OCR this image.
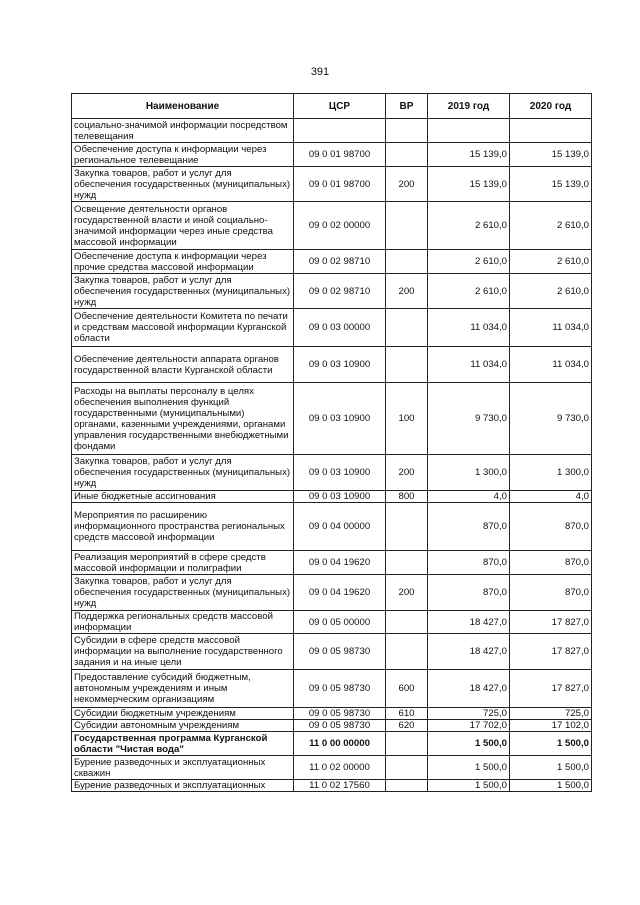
391
Наименование	ЦСР	ВР	2019 год	2020 год
социально-значимой информации посредством телевещания				
Обеспечение доступа к информации через региональное телевещание	09 0 01 98700		15 139,0	15 139,0
Закупка товаров, работ и услуг для обеспечения государственных (муниципальных) нужд	09 0 01 98700	200	15 139,0	15 139,0
Освещение деятельности органов государственной власти и иной социально-значимой информации через иные средства массовой информации	09 0 02 00000		2 610,0	2 610,0
Обеспечение доступа к информации через прочие средства массовой информации	09 0 02 98710		2 610,0	2 610,0
Закупка товаров, работ и услуг для обеспечения государственных (муниципальных) нужд	09 0 02 98710	200	2 610,0	2 610,0
Обеспечение деятельности Комитета по печати и средствам массовой информации Курганской области	09 0 03 00000		11 034,0	11 034,0
Обеспечение деятельности аппарата органов государственной власти Курганской области	09 0 03 10900		11 034,0	11 034,0
Расходы на выплаты персоналу в целях обеспечения выполнения функций государственными (муниципальными) органами, казенными учреждениями, органами управления государственными внебюджетными фондами	09 0 03 10900	100	9 730,0	9 730,0
Закупка товаров, работ и услуг для обеспечения государственных (муниципальных) нужд	09 0 03 10900	200	1 300,0	1 300,0
Иные бюджетные ассигнования	09 0 03 10900	800	4,0	4,0
Мероприятия по расширению информационного пространства региональных средств массовой информации	09 0 04 00000		870,0	870,0
Реализация мероприятий в сфере средств массовой информации и полиграфии	09 0 04 19620		870,0	870,0
Закупка товаров, работ и услуг для обеспечения государственных (муниципальных) нужд	09 0 04 19620	200	870,0	870,0
Поддержка региональных средств массовой информации	09 0 05 00000		18 427,0	17 827,0
Субсидии в сфере средств массовой информации на выполнение государственного задания и на иные цели	09 0 05 98730		18 427,0	17 827,0
Предоставление субсидий бюджетным, автономным учреждениям и иным некоммерческим организациям	09 0 05 98730	600	18 427,0	17 827,0
Субсидии бюджетным учреждениям	09 0 05 98730	610	725,0	725,0
Субсидии автономным учреждениям	09 0 05 98730	620	17 702,0	17 102,0
Государственная программа Курганской области "Чистая вода"	11 0 00 00000		1 500,0	1 500,0
Бурение разведочных и эксплуатационных скважин	11 0 02 00000		1 500,0	1 500,0
Бурение разведочных и эксплуатационных	11 0 02 17560		1 500,0	1 500,0
